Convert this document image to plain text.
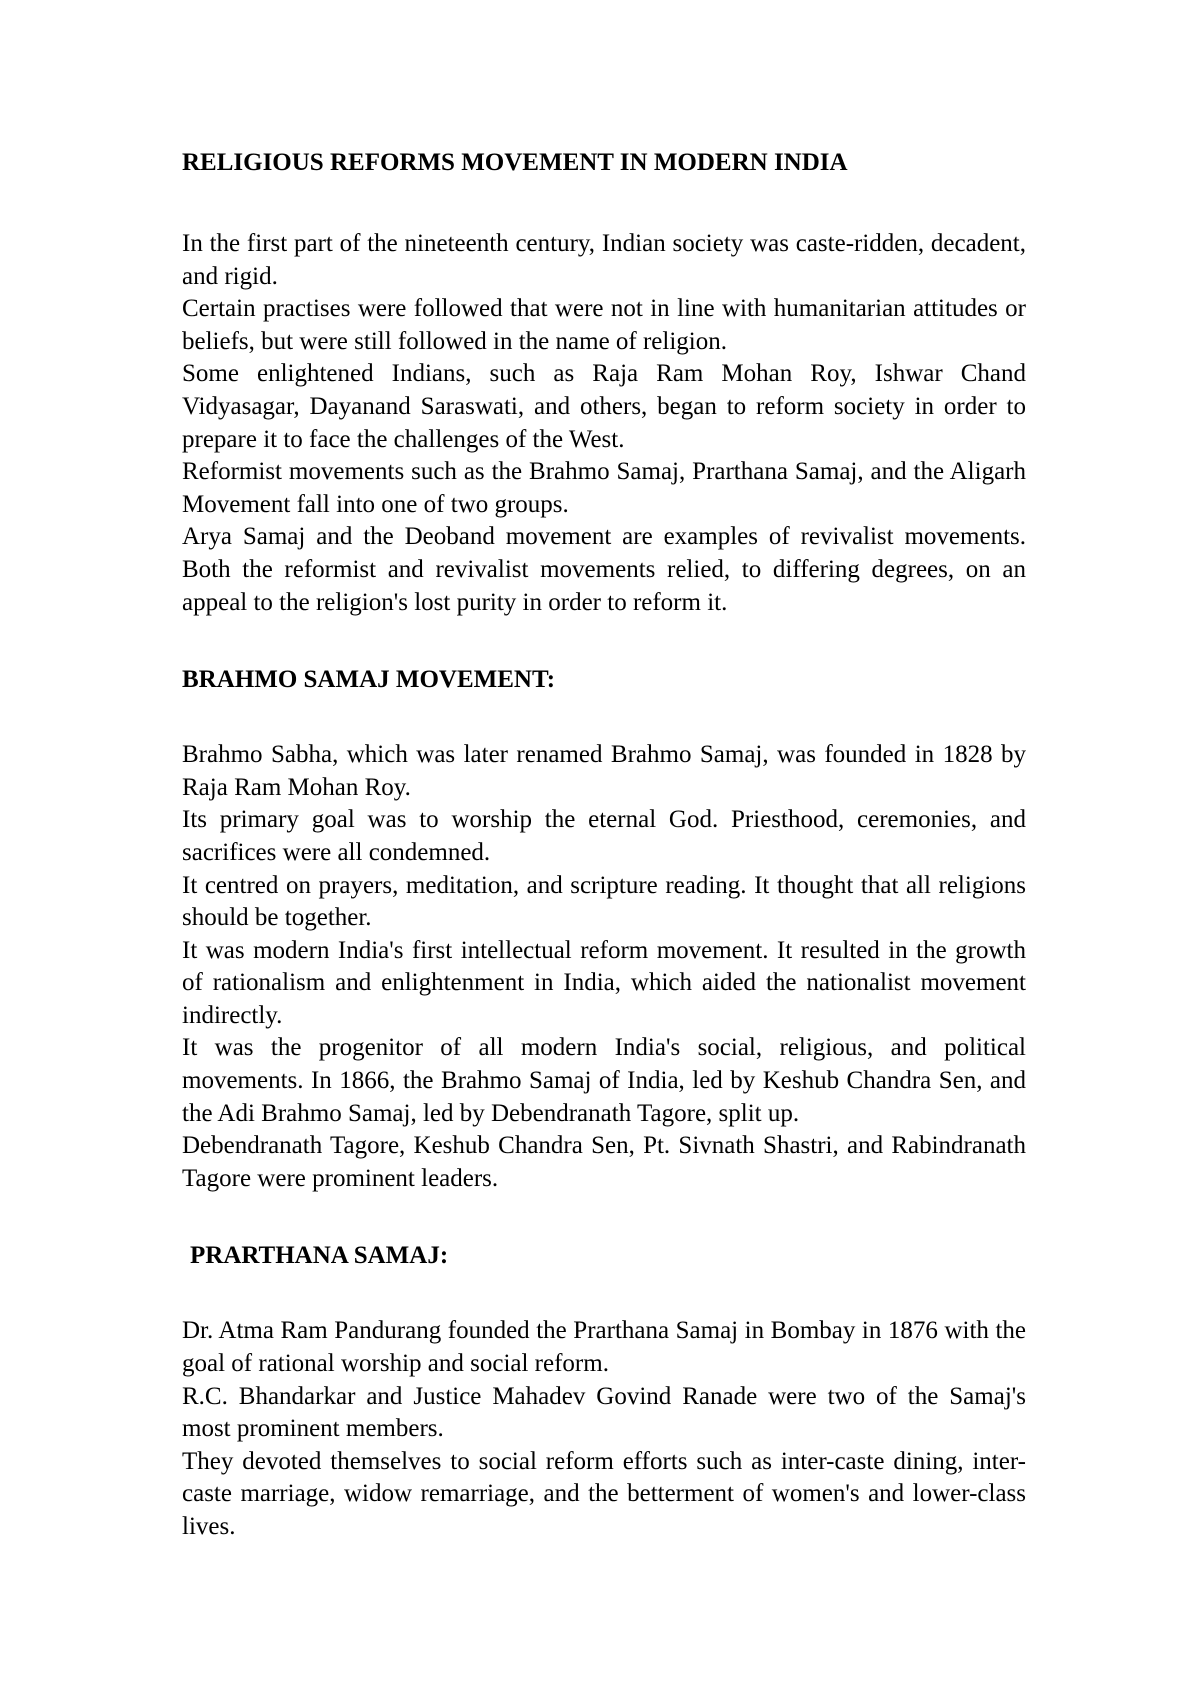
RELIGIOUS REFORMS MOVEMENT IN MODERN INDIA

In the first part of the nineteenth century, Indian society was caste-ridden, decadent, and rigid.

Certain practises were followed that were not in line with humanitarian attitudes or beliefs, but were still followed in the name of religion.

Some enlightened Indians, such as Raja Ram Mohan Roy, Ishwar Chand Vidyasagar, Dayanand Saraswati, and others, began to reform society in order to prepare it to face the challenges of the West.

Reformist movements such as the Brahmo Samaj, Prarthana Samaj, and the Aligarh Movement fall into one of two groups.

Arya Samaj and the Deoband movement are examples of revivalist movements. Both the reformist and revivalist movements relied, to differing degrees, on an appeal to the religion's lost purity in order to reform it.

BRAHMO SAMAJ MOVEMENT:

Brahmo Sabha, which was later renamed Brahmo Samaj, was founded in 1828 by Raja Ram Mohan Roy.

Its primary goal was to worship the eternal God. Priesthood, ceremonies, and sacrifices were all condemned.

It centred on prayers, meditation, and scripture reading. It thought that all religions should be together.

It was modern India's first intellectual reform movement. It resulted in the growth of rationalism and enlightenment in India, which aided the nationalist movement indirectly.

It was the progenitor of all modern India's social, religious, and political movements. In 1866, the Brahmo Samaj of India, led by Keshub Chandra Sen, and the Adi Brahmo Samaj, led by Debendranath Tagore, split up.

Debendranath Tagore, Keshub Chandra Sen, Pt. Sivnath Shastri, and Rabindranath Tagore were prominent leaders.

PRARTHANA SAMAJ:

Dr. Atma Ram Pandurang founded the Prarthana Samaj in Bombay in 1876 with the goal of rational worship and social reform.

R.C. Bhandarkar and Justice Mahadev Govind Ranade were two of the Samaj's most prominent members.

They devoted themselves to social reform efforts such as inter-caste dining, inter-caste marriage, widow remarriage, and the betterment of women's and lower-class lives.
